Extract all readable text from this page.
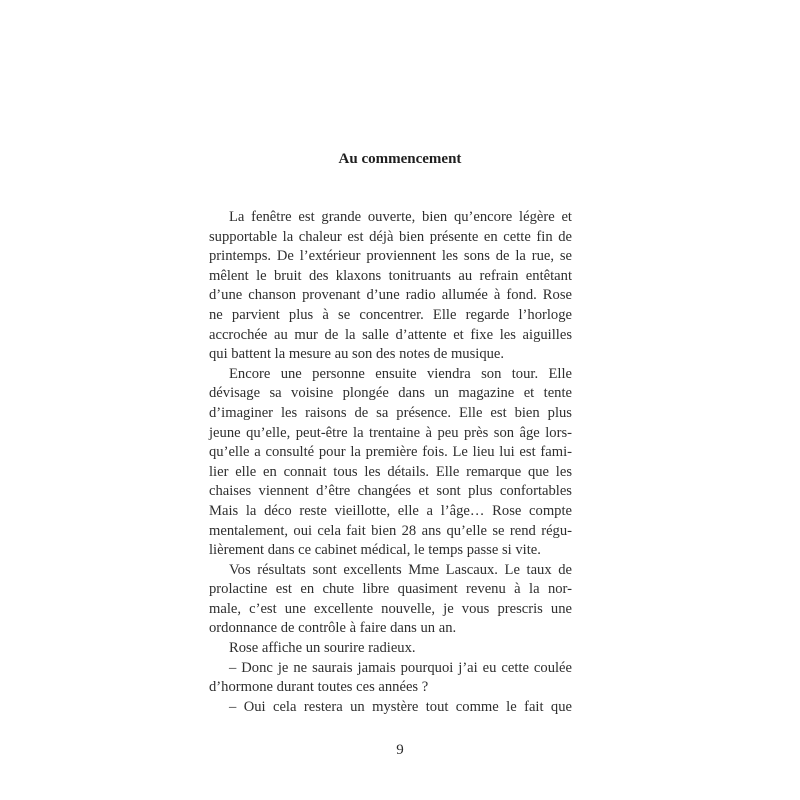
Au commencement
La fenêtre est grande ouverte, bien qu’encore légère et
supportable la chaleur est déjà bien présente en cette fin de
printemps. De l’extérieur proviennent les sons de la rue, se
mêlent le bruit des klaxons tonitruants au refrain entêtant
d’une chanson provenant d’une radio allumée à fond. Rose
ne parvient plus à se concentrer. Elle regarde l’horloge
accrochée au mur de la salle d’attente et fixe les aiguilles
qui battent la mesure au son des notes de musique.
Encore une personne ensuite viendra son tour. Elle
dévisage sa voisine plongée dans un magazine et tente
d’imaginer les raisons de sa présence. Elle est bien plus
jeune qu’elle, peut-être la trentaine à peu près son âge lors-
qu’elle a consulté pour la première fois. Le lieu lui est fami-
lier elle en connait tous les détails. Elle remarque que les
chaises viennent d’être changées et sont plus confortables
Mais la déco reste vieillotte, elle a l’âge… Rose compte
mentalement, oui cela fait bien 28 ans qu’elle se rend régu-
lièrement dans ce cabinet médical, le temps passe si vite.
Vos résultats sont excellents Mme Lascaux. Le taux de
prolactine est en chute libre quasiment revenu à la nor-
male, c’est une excellente nouvelle, je vous prescris une
ordonnance de contrôle à faire dans un an.
Rose affiche un sourire radieux.
– Donc je ne saurais jamais pourquoi j’ai eu cette coulée
d’hormone durant toutes ces années ?
– Oui cela restera un mystère tout comme le fait que
9
